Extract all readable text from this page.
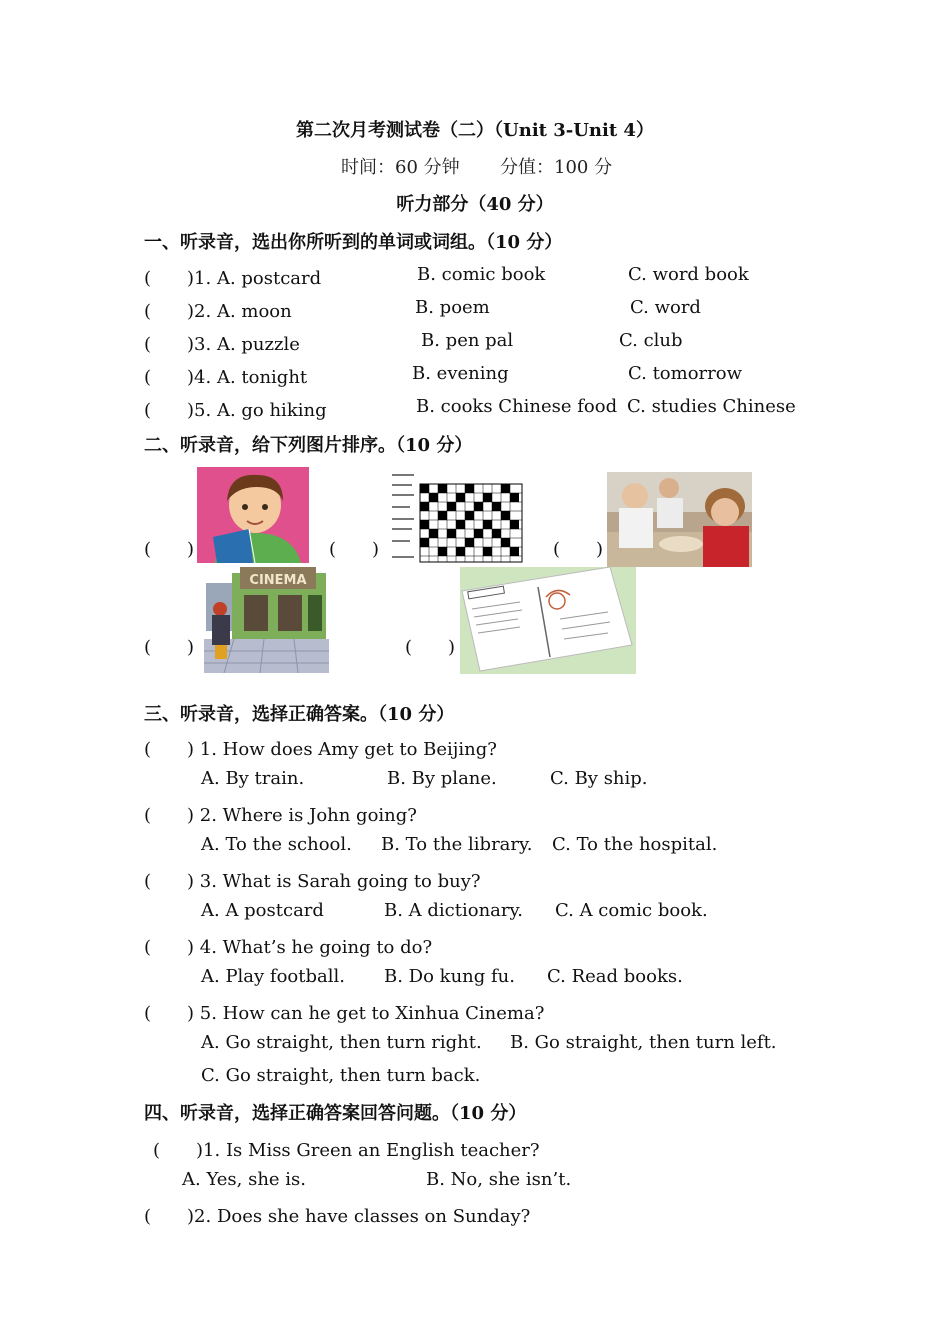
第二次月考测试卷（二）（Unit 3-Unit 4）
时间：60 分钟 分值：100 分
听力部分（40 分）
一、听录音，选出你所听到的单词或词组。（10 分）
(　　)1. A. postcard	B. comic book	C. word book
(　　)2. A. moon	B. poem	C. word
(　　)3. A. puzzle	B. pen pal	C. club
(　　)4. A. tonight	B. evening	C. tomorrow
(　　)5. A. go hiking	B. cooks Chinese food C. studies Chinese
二、听录音，给下列图片排序。（10 分）
(　　)	(　　)	(　　)
(　　)
CINEMA
(　　)
三、听录音，选择正确答案。（10 分）
(　　) 1. How does Amy get to Beijing?
A. By train.	B. By plane.	C. By ship.
(　　) 2. Where is John going?
A. To the school. B. To the library. C. To the hospital.
(　　) 3. What is Sarah going to buy?
A. A postcard	B. A dictionary. C. A comic book.
(　　) 4. What’s he going to do?
A. Play football. B. Do kung fu. C. Read books.
(　　) 5. How can he get to Xinhua Cinema?
A. Go straight, then turn right. B. Go straight, then turn left.
C. Go straight, then turn back.
四、听录音，选择正确答案回答问题。（10 分）
(　　)1. Is Miss Green an English teacher?
A. Yes, she is.	B. No, she isn’t.
(　　)2. Does she have classes on Sunday?
